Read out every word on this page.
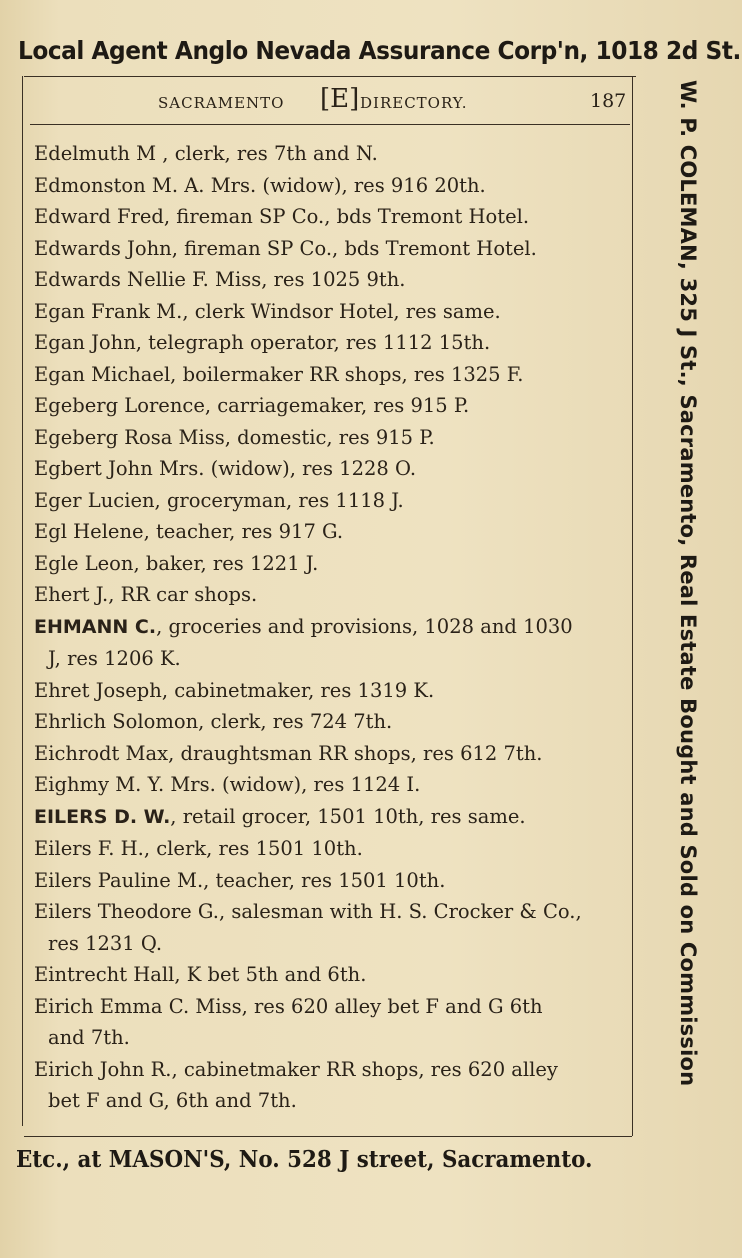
Local Agent Anglo Nevada Assurance Corp'n, 1018 2d St.
SACRAMENTO [E] DIRECTORY.	187
Edelmuth M , clerk, res 7th and N.
Edmonston M. A. Mrs. (widow), res 916 20th.
Edward Fred, fireman SP Co., bds Tremont Hotel.
Edwards John, fireman SP Co., bds Tremont Hotel.
Edwards Nellie F. Miss, res 1025 9th.
Egan Frank M., clerk Windsor Hotel, res same.
Egan John, telegraph operator, res 1112 15th.
Egan Michael, boilermaker RR shops, res 1325 F.
Egeberg Lorence, carriagemaker, res 915 P.
Egeberg Rosa Miss, domestic, res 915 P.
Egbert John Mrs. (widow), res 1228 O.
Eger Lucien, groceryman, res 1118 J.
Egl Helene, teacher, res 917 G.
Egle Leon, baker, res 1221 J.
Ehert J., RR car shops.
EHMANN C., groceries and provisions, 1028 and 1030
J, res 1206 K.
Ehret Joseph, cabinetmaker, res 1319 K.
Ehrlich Solomon, clerk, res 724 7th.
Eichrodt Max, draughtsman RR shops, res 612 7th.
Eighmy M. Y. Mrs. (widow), res 1124 I.
EILERS D. W., retail grocer, 1501 10th, res same.
Eilers F. H., clerk, res 1501 10th.
Eilers Pauline M., teacher, res 1501 10th.
Eilers Theodore G., salesman with H. S. Crocker & Co.,
res 1231 Q.
Eintrecht Hall, K bet 5th and 6th.
Eirich Emma C. Miss, res 620 alley bet F and G 6th
and 7th.
Eirich John R., cabinetmaker RR shops, res 620 alley
bet F and G, 6th and 7th.
W. P. COLEMAN, 325 J St., Sacramento, Real Estate Bought and Sold on Commission
Etc., at MASON'S, No. 528 J street, Sacramento.
